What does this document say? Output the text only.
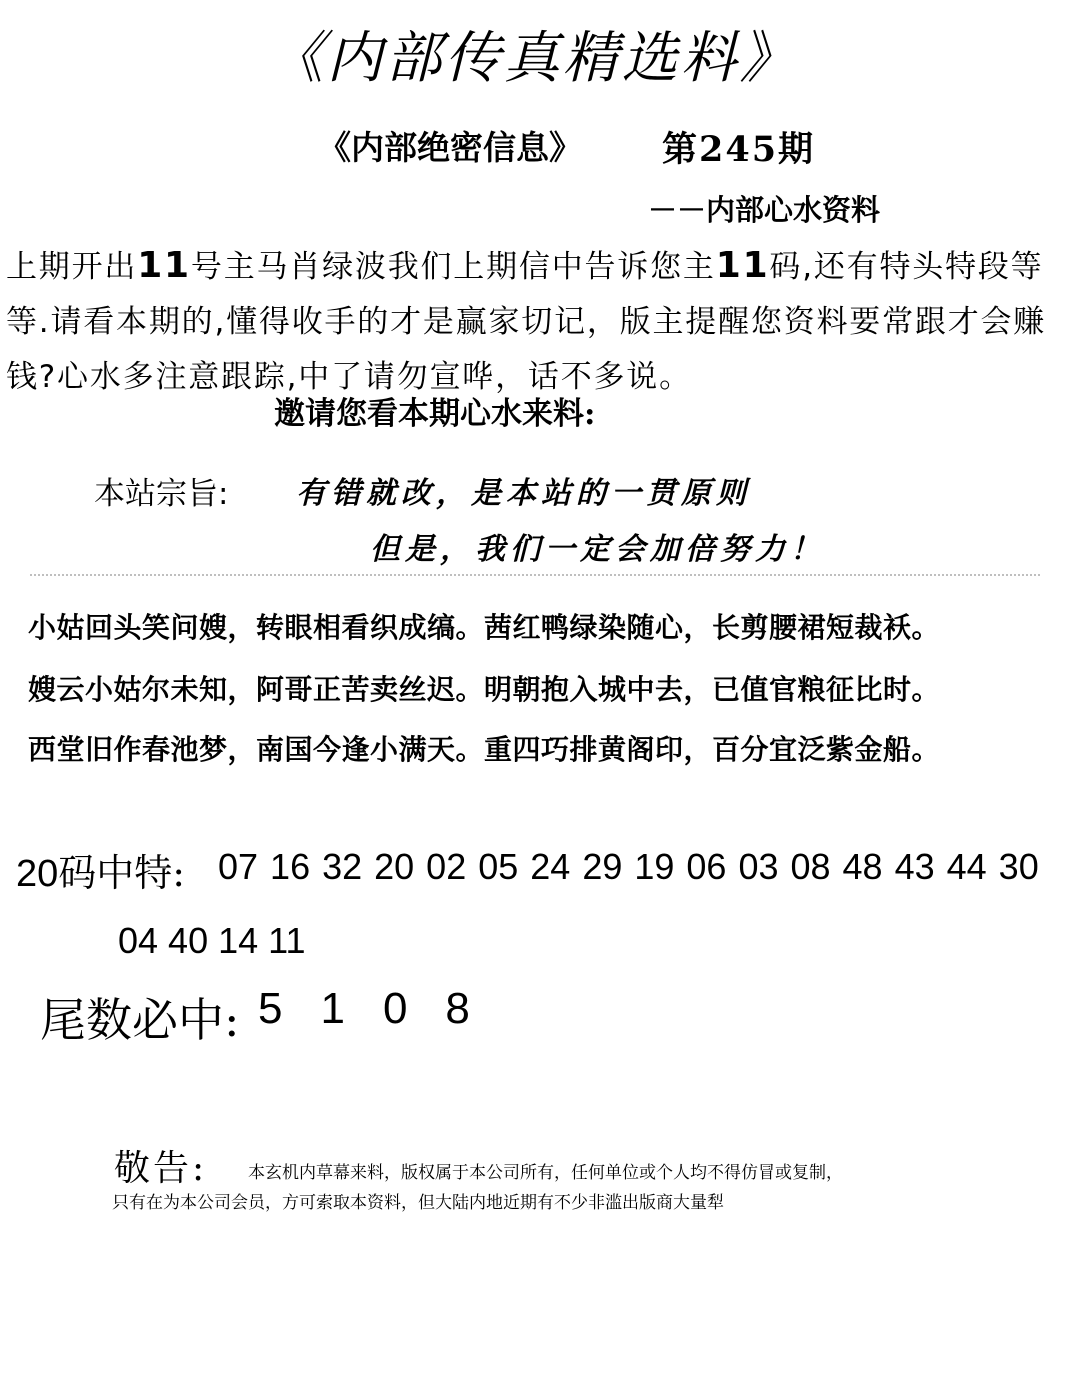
《内部传真精选料》
《内部绝密信息》 第245期
－－内部心水资料
上期开出11号主马肖绿波我们上期信中告诉您主11码,还有特头特段等等.请看本期的,懂得收手的才是赢家切记，版主提醒您资料要常跟才会赚钱?心水多注意跟踪,中了请勿宣哗，话不多说。
邀请您看本期心水来料:
本站宗旨: 有错就改，是本站的一贯原则
但是，我们一定会加倍努力！
小姑回头笑问嫂，转眼相看织成缟。茜红鸭绿染随心，长剪腰裙短裁袄。
嫂云小姑尔未知，阿哥正苦卖丝迟。明朝抱入城中去，已值官粮征比时。
西堂旧作春池梦，南国今逢小满天。重四巧排黄阁印，百分宜泛紫金船。
20码中特: 07 16 32 20 02 05 24 29 19 06 03 08 48 43 44 30
04 40 14 11
尾数必中: 5108
敬告: 本玄机内草幕来料，版权属于本公司所有，任何单位或个人均不得仿冒或复制，
只有在为本公司会员，方可索取本资料，但大陆内地近期有不少非滥出版商大量犁
